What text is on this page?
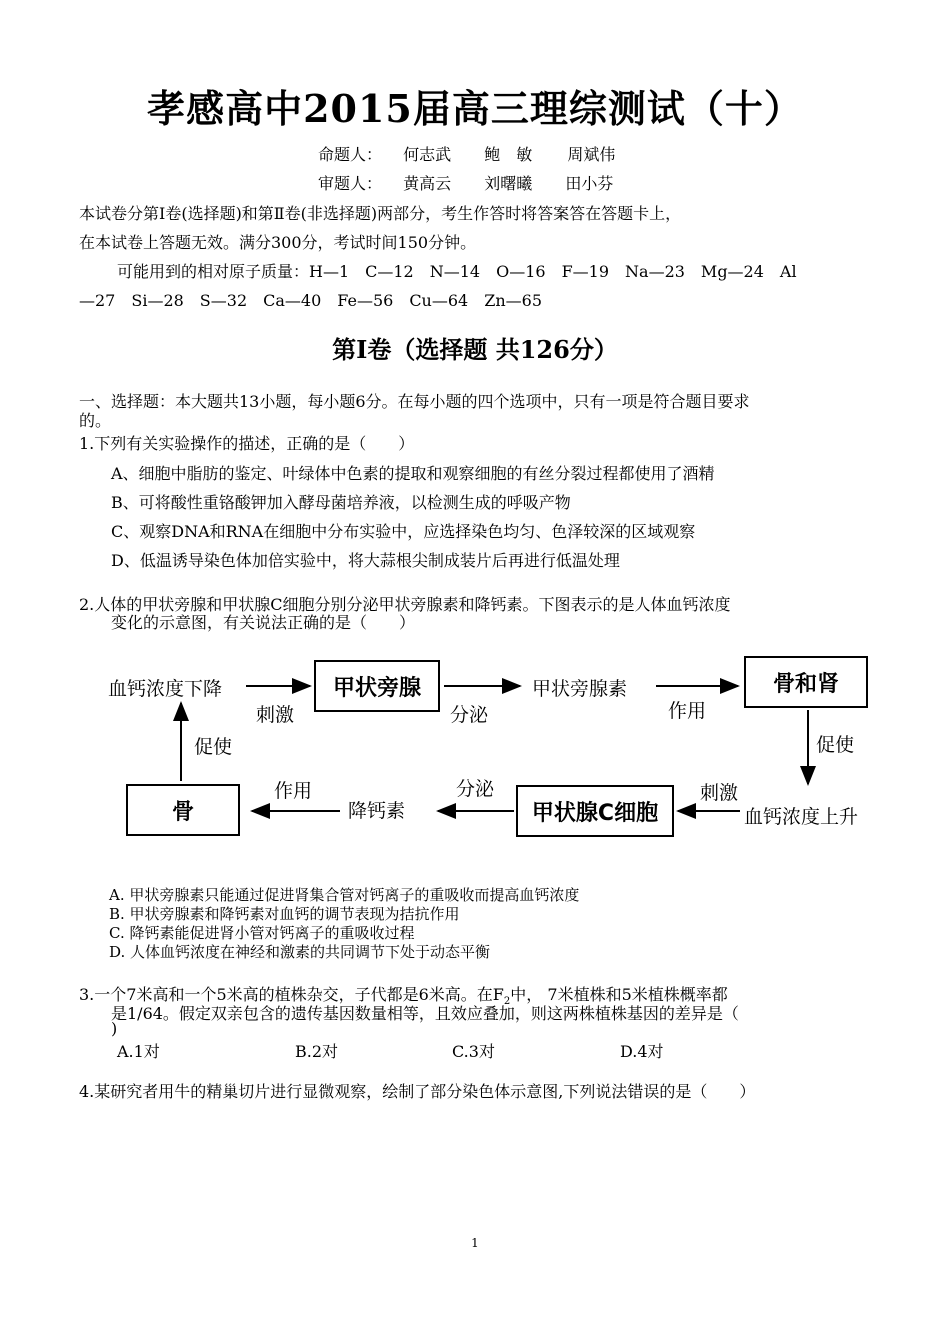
孝感高中2015届高三理综测试（十）
命题人： 何志武 鲍　敏 周斌伟
审题人： 黄高云 刘曙曦 田小芬
本试卷分第Ⅰ卷(选择题)和第Ⅱ卷(非选择题)两部分，考生作答时将答案答在答题卡上，
在本试卷上答题无效。满分300分，考试时间150分钟。
可能用到的相对原子质量：H—1　C—12　N—14　O—16　F—19　Na—23　Mg—24　Al
—27　Si—28　S—32　Ca—40　Fe—56　Cu—64　Zn—65
第Ⅰ卷（选择题 共126分）
一、选择题：本大题共13小题，每小题6分。在每小题的四个选项中，只有一项是符合题目要求
的。
1.下列有关实验操作的描述，正确的是（　　）
A、细胞中脂肪的鉴定、叶绿体中色素的提取和观察细胞的有丝分裂过程都使用了酒精
B、可将酸性重铬酸钾加入酵母菌培养液，以检测生成的呼吸产物
C、观察DNA和RNA在细胞中分布实验中，应选择染色均匀、色泽较深的区域观察
D、低温诱导染色体加倍实验中，将大蒜根尖制成装片后再进行低温处理
2.人体的甲状旁腺和甲状腺C细胞分别分泌甲状旁腺素和降钙素。下图表示的是人体血钙浓度
变化的示意图，有关说法正确的是（　　）
血钙浓度下降
刺激
甲状旁腺
分泌
甲状旁腺素
作用
骨和肾
促使
血钙浓度上升
刺激
甲状腺C细胞
分泌
降钙素
作用
骨
促使
A. 甲状旁腺素只能通过促进肾集合管对钙离子的重吸收而提高血钙浓度
B. 甲状旁腺素和降钙素对血钙的调节表现为拮抗作用
C. 降钙素能促进肾小管对钙离子的重吸收过程
D. 人体血钙浓度在神经和激素的共同调节下处于动态平衡
3.一个7米高和一个5米高的植株杂交，子代都是6米高。在$F_2$中， 7米植株和5米植株概率都
是1/64。假定双亲包含的遗传基因数量相等，且效应叠加，则这两株植株基因的差异是（
)
A.1对	B.2对	C.3对	D.4对
4.某研究者用牛的精巢切片进行显微观察，绘制了部分染色体示意图,下列说法错误的是（　　）
1
